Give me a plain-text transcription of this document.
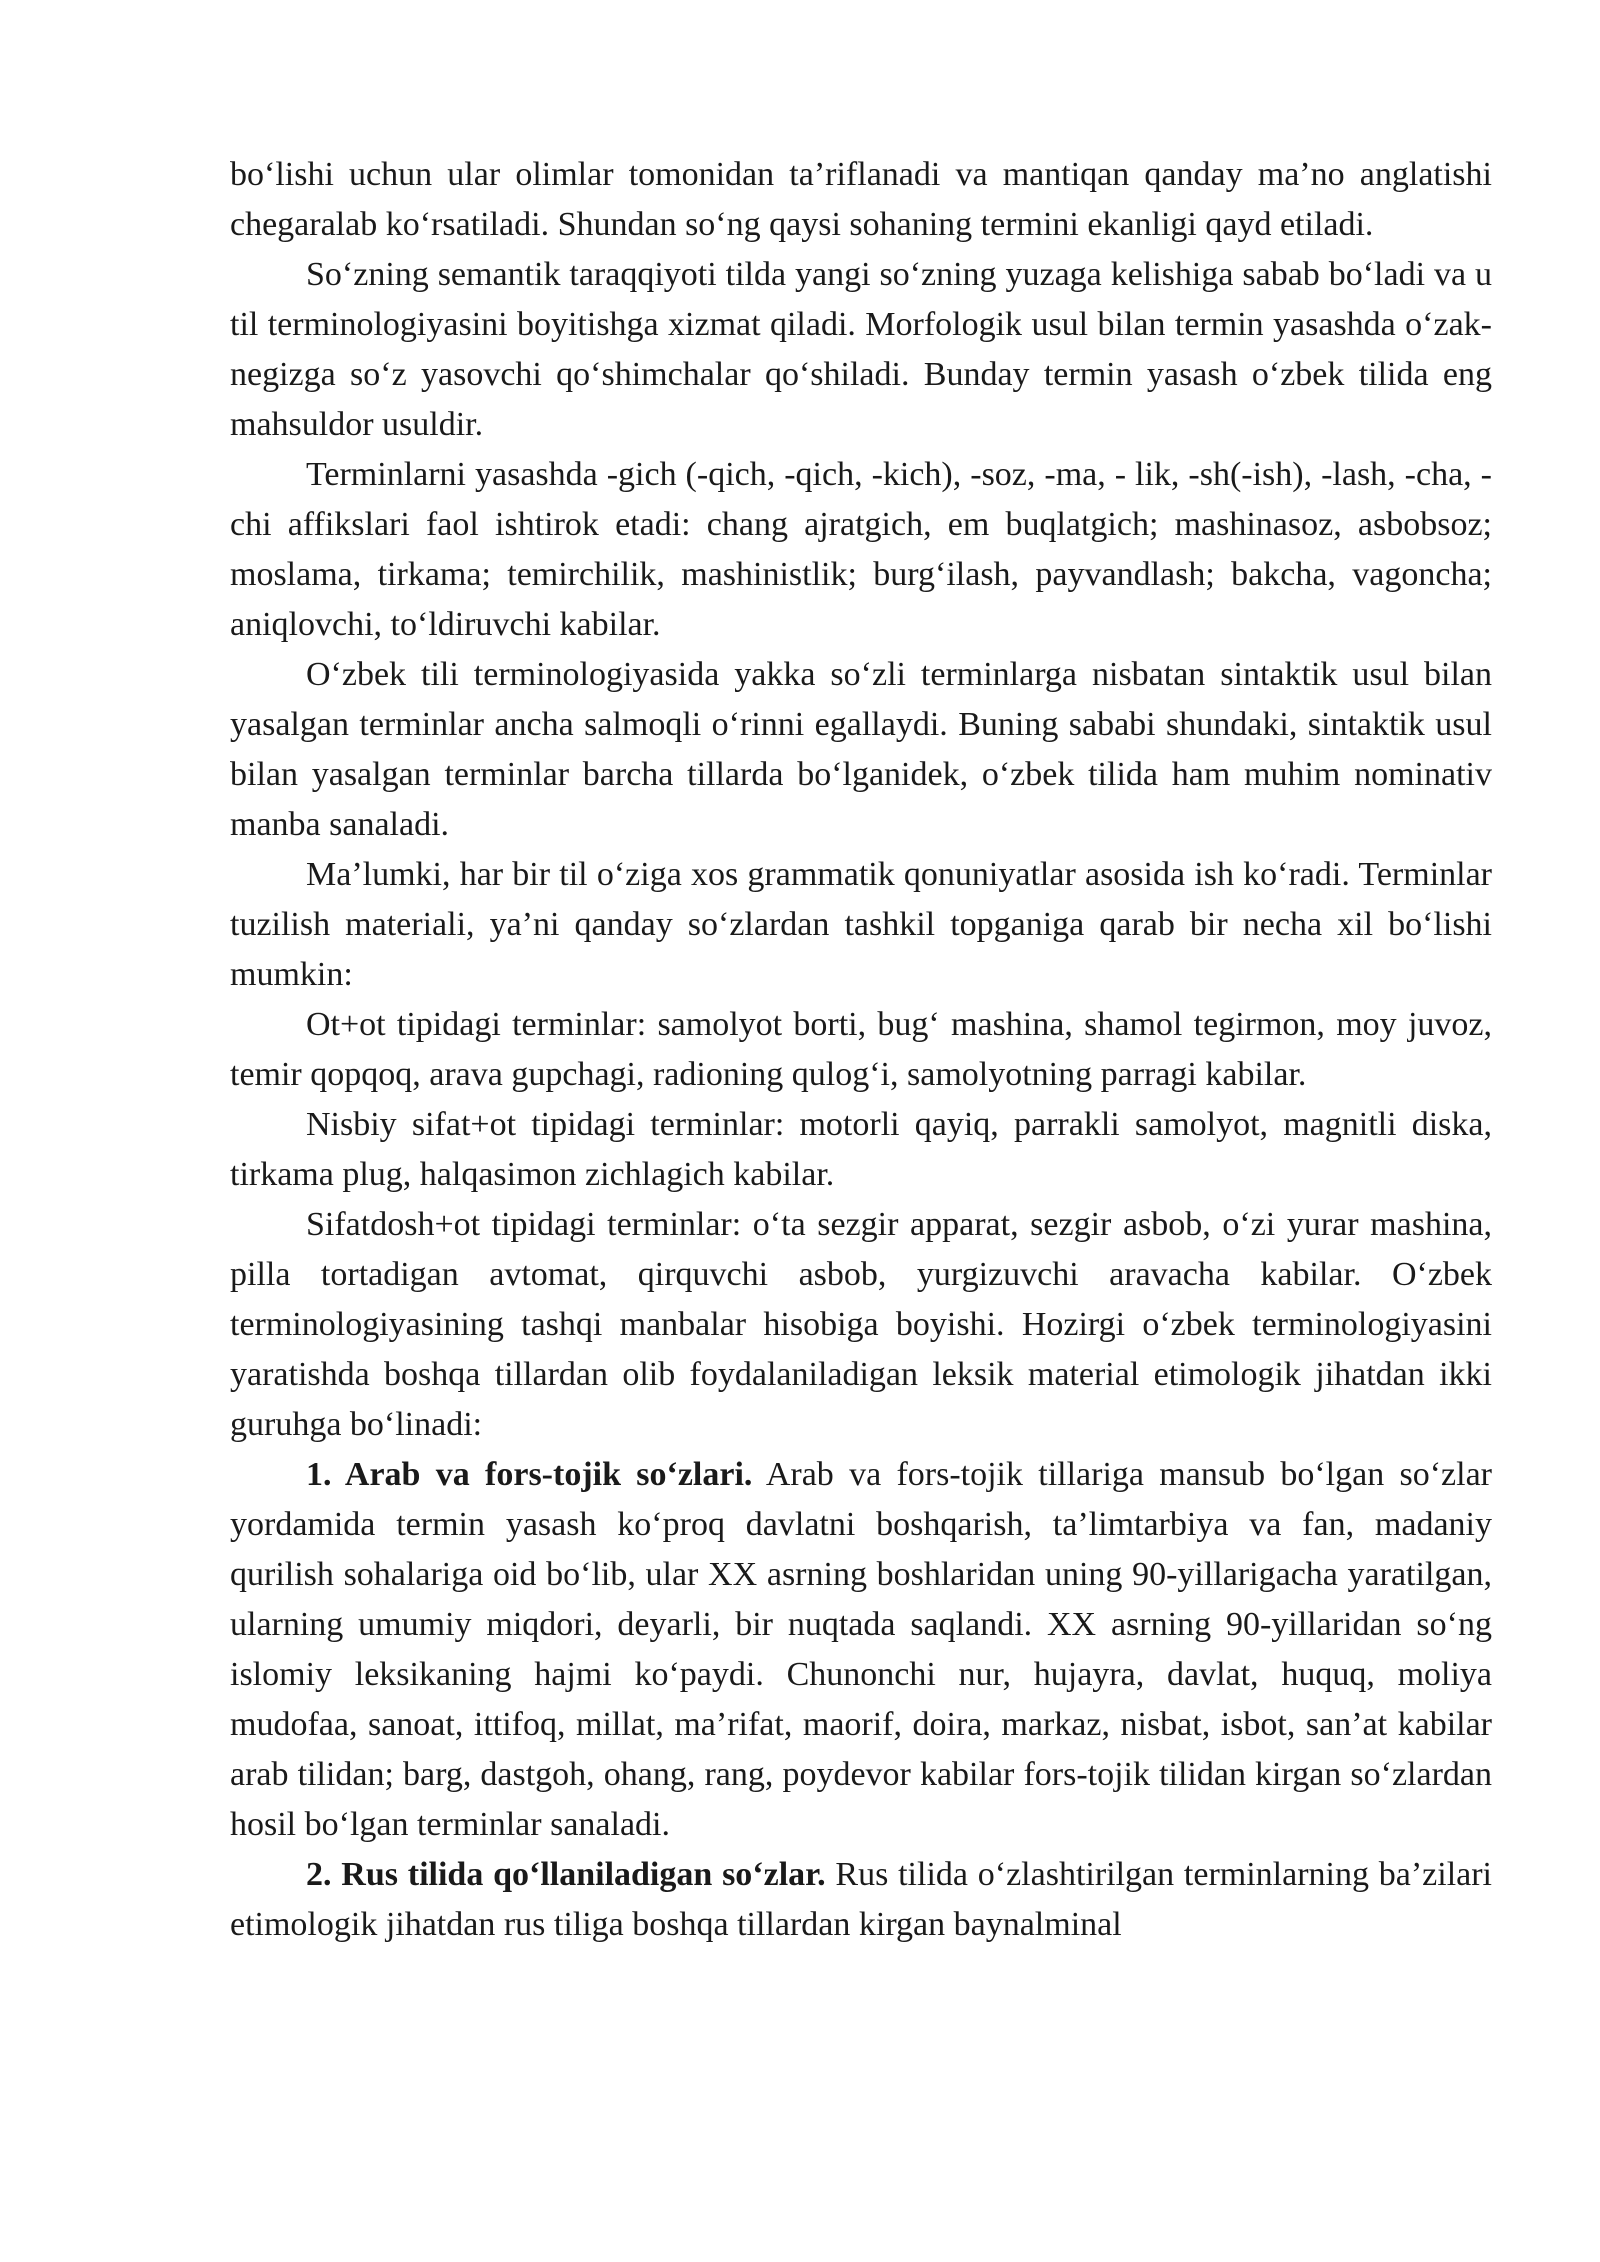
boʻlishi uchun ular olimlar tomonidan ta’riflanadi va mantiqan qanday ma’no anglatishi chegaralab koʻrsatiladi. Shundan soʻng qaysi sohaning termini ekanligi qayd etiladi.

Soʻzning semantik taraqqiyoti tilda yangi soʻzning yuzaga kelishiga sabab boʻladi va u til terminologiyasini boyitishga xizmat qiladi. Morfologik usul bilan termin yasashda oʻzak-negizga soʻz yasovchi qoʻshimchalar qoʻshiladi. Bunday termin yasash oʻzbek tilida eng mahsuldor usuldir.

Terminlarni yasashda -gich (-qich, -qich, -kich), -soz, -ma, - lik, -sh(-ish), -lash, -cha, -chi affikslari faol ishtirok etadi: chang ajratgich, em buqlatgich; mashinasoz, asbobsoz; moslama, tirkama; temirchilik, mashinistlik; burgʻilash, payvandlash; bakcha, vagoncha; aniqlovchi, toʻldiruvchi kabilar.

Oʻzbek tili terminologiyasida yakka soʻzli terminlarga nisbatan sintaktik usul bilan yasalgan terminlar ancha salmoqli oʻrinni egallaydi. Buning sababi shundaki, sintaktik usul bilan yasalgan terminlar barcha tillarda boʻlganidek, oʻzbek tilida ham muhim nominativ manba sanaladi.

Ma’lumki, har bir til oʻziga xos grammatik qonuniyatlar asosida ish koʻradi. Terminlar tuzilish materiali, ya’ni qanday soʻzlardan tashkil topganiga qarab bir necha xil boʻlishi mumkin:

Ot+ot tipidagi terminlar: samolyot borti, bugʻ mashina, shamol tegirmon, moy juvoz, temir qopqoq, arava gupchagi, radioning qulogʻi, samolyotning parragi kabilar.

Nisbiy sifat+ot tipidagi terminlar: motorli qayiq, parrakli samolyot, magnitli diska, tirkama plug, halqasimon zichlagich kabilar.

Sifatdosh+ot tipidagi terminlar: oʻta sezgir apparat, sezgir asbob, oʻzi yurar mashina, pilla tortadigan avtomat, qirquvchi asbob, yurgizuvchi aravacha kabilar. Oʻzbek terminologiyasining tashqi manbalar hisobiga boyishi. Hozirgi oʻzbek terminologiyasini yaratishda boshqa tillardan olib foydalaniladigan leksik material etimologik jihatdan ikki guruhga boʻlinadi:

1. Arab va fors-tojik soʻzlari. Arab va fors-tojik tillariga mansub boʻlgan soʻzlar yordamida termin yasash koʻproq davlatni boshqarish, ta’limtarbiya va fan, madaniy qurilish sohalariga oid boʻlib, ular XX asrning boshlaridan uning 90-yillarigacha yaratilgan, ularning umumiy miqdori, deyarli, bir nuqtada saqlandi. XX asrning 90-yillaridan soʻng islomiy leksikaning hajmi koʻpaydi. Chunonchi nur, hujayra, davlat, huquq, moliya mudofaa, sanoat, ittifoq, millat, ma’rifat, maorif, doira, markaz, nisbat, isbot, san’at kabilar arab tilidan; barg, dastgoh, ohang, rang, poydevor kabilar fors-tojik tilidan kirgan soʻzlardan hosil boʻlgan terminlar sanaladi.

2. Rus tilida qoʻllaniladigan soʻzlar. Rus tilida oʻzlashtirilgan terminlarning ba’zilari etimologik jihatdan rus tiliga boshqa tillardan kirgan baynalminal
